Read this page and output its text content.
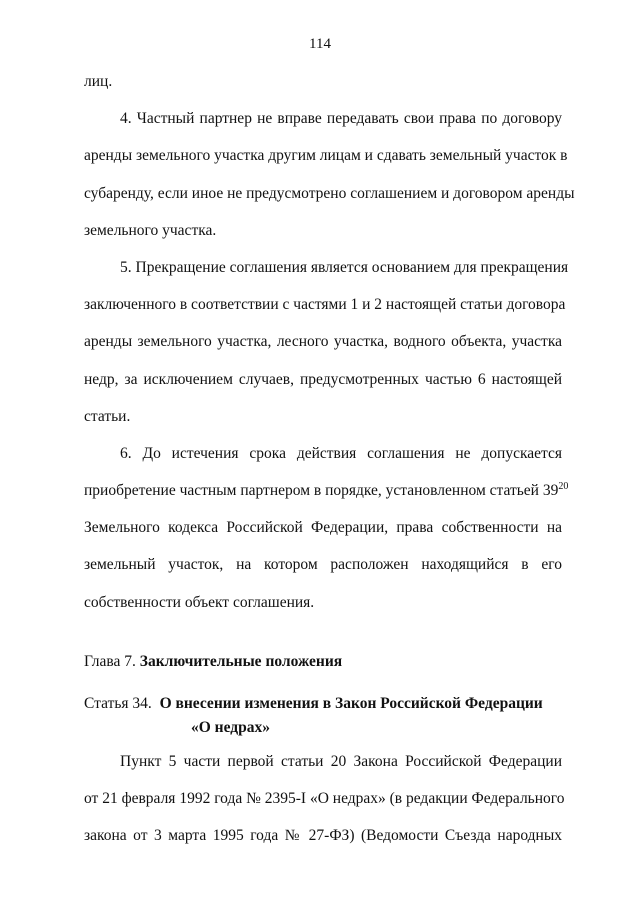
114
лиц.
4. Частный партнер не вправе передавать свои права по договору
аренды земельного участка другим лицам и сдавать земельный участок в
субаренду, если иное не предусмотрено соглашением и договором аренды
земельного участка.
5. Прекращение соглашения является основанием для прекращения
заключенного в соответствии с частями 1 и 2 настоящей статьи договора
аренды земельного участка, лесного участка, водного объекта, участка
недр, за исключением случаев, предусмотренных частью 6 настоящей
статьи.
6. До истечения срока действия соглашения не допускается
приобретение частным партнером в порядке, установленном статьей $39^{20}$
Земельного кодекса Российской Федерации, права собственности на
земельный участок, на котором расположен находящийся в его
собственности объект соглашения.
Глава 7. Заключительные положения
Статья 34. О внесении изменения в Закон Российской Федерации
«О недрах»
Пункт 5 части первой статьи 20 Закона Российской Федерации
от 21 февраля 1992 года № 2395-I «О недрах» (в редакции Федерального
закона от 3 марта 1995 года № 27-ФЗ) (Ведомости Съезда народных
